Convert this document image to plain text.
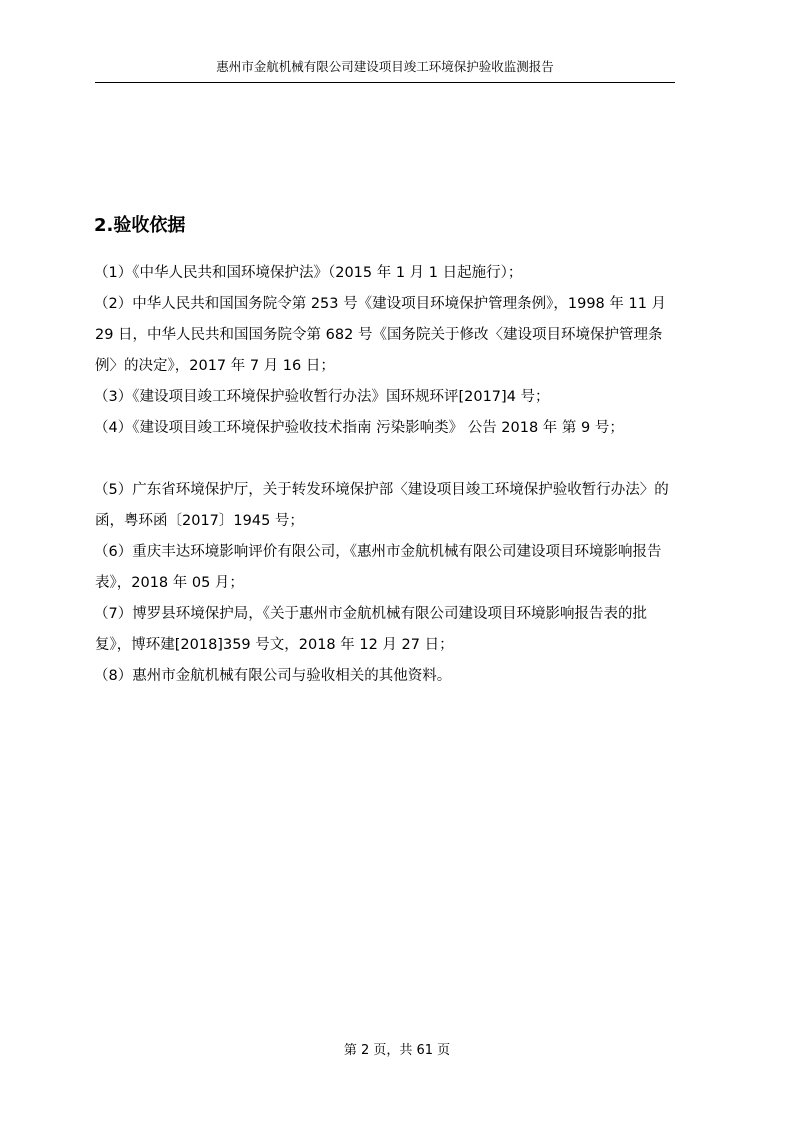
惠州市金航机械有限公司建设项目竣工环境保护验收监测报告
2.验收依据

（1）《中华人民共和国环境保护法》（2015 年 1 月 1 日起施行）；

（2）中华人民共和国国务院令第 253 号《建设项目环境保护管理条例》，1998 年 11 月 29 日，中华人民共和国国务院令第 682 号《国务院关于修改〈建设项目环境保护管理条例〉的决定》，2017 年 7 月 16 日；

（3）《建设项目竣工环境保护验收暂行办法》国环规环评[2017]4 号；

（4）《建设项目竣工环境保护验收技术指南 污染影响类》 公告 2018 年 第 9 号；

（5）广东省环境保护厅，关于转发环境保护部〈建设项目竣工环境保护验收暂行办法〉的函，粤环函〔2017〕1945 号；

（6）重庆丰达环境影响评价有限公司，《惠州市金航机械有限公司建设项目环境影响报告表》，2018 年 05 月；

（7）博罗县环境保护局，《关于惠州市金航机械有限公司建设项目环境影响报告表的批复》，博环建[2018]359 号文，2018 年 12 月 27 日；

（8）惠州市金航机械有限公司与验收相关的其他资料。

第 2 页，共 61 页
